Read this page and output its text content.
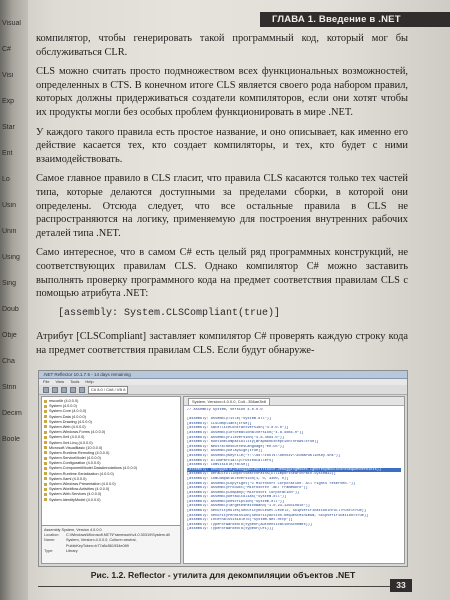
Visual
C#
Visi
Exp
Star
Ent
Lo
Usin
Unin
Using
Sing
Doub
Obje
Cha
Strin
Decim
Boole
ГЛАВА 1. Введение в .NET

компилятор, чтобы генерировать такой программный код, который мог бы обслуживаться CLR.

CLS можно считать просто подмножеством всех функциональных возможностей, определенных в CTS. В конечном итоге CLS является своего рода набором правил, которых должны придерживаться создатели компиляторов, если они хотят чтобы их продукты могли без особых проблем функционировать в мире .NET.

У каждого такого правила есть простое название, и оно описывает, как именно его действие касается тех, кто создает компиляторы, и тех, кто будет с ними взаимодействовать.

Самое главное правило в CLS гласит, что правила CLS касаются только тех частей типа, которые делаются доступными за пределами сборки, в которой они определены. Отсюда следует, что все остальные правила в CLS не распространяются на логику, применяемую для построения внутренних рабочих деталей типа .NET.

Само интересное, что в самом C# есть целый ряд программных конструкций, не соответствующих правилам CLS. Однако компилятор C# можно заставить выполнять проверку программного кода на предмет соответствия правилам CLS с помощью атрибута .NET:

[assembly: System.CLSCompliant(true)]

Атрибут [CLSCompliant] заставляет компилятор C# проверять каждую строку кода на предмет соответствия правилам CLS. Если будут обнаруже-

.NET Reflector 10.1.7.5 - 14 days remaining
File View Tools Help
C# 8.0 / C#8 / VB 8
mscorlib (4.0.0.0)
System (4.0.0.0)
System.Core (4.0.0.0)
System.Data (4.0.0.0)
System.Drawing (4.0.0.0)
System.Web (4.0.0.0)
System.Windows.Forms (4.0.0.0)
System.Xml (4.0.0.0)
System.Xml.Linq (4.0.0.0)
Microsoft.VisualBasic (10.0.0.0)
System.Runtime.Remoting (4.0.0.0)
System.ServiceModel (4.0.0.0)
System.Configuration (4.0.0.0)
System.ComponentModel.DataAnnotations (4.0.0.0)
System.Runtime.Serialization (4.0.0.0)
System.Xaml (4.0.0.0)
System.Windows.Presentation (4.0.0.0)
System.Workflow.Activities (4.0.0.0)
System.Web.Services (4.0.0.0)
System.IdentityModel (4.0.0.0)
Assembly System, Version 4.0.0.0
Location:	C:\Windows\Microsoft.NET\Framework\v4.0.30319\System.dll
Name:	System, Version=4.0.0.0, Culture=neutral,
PublicKeyToken=b77a5c561934e089
Type:	Library
System, Version=4.0.0.0, Cult...356ae3b8
// Assembly System, Version 4.0.0.0

[assembly: AssemblyTitle("System.dll")]
[assembly: CLSCompliant(true)]
[assembly: SatelliteContractVersion("4.0.0.0")]
[assembly: AssemblyInformationalVersion("4.8.4084.0")]
[assembly: AssemblyFileVersion("4.8.4084.0")]
[assembly: RuntimeCompatibility(WrapNonExceptionThrows=true)]
[assembly: NeutralResourcesLanguage("en-US")]
[assembly: AssemblyDelaySign(true)]
[assembly: AssemblyKeyFile("f:\\dd\\tools\\devdiv\\EcmaPublicKey.snk")]
[assembly: AllowPartiallyTrustedCallers]
[assembly: ComVisible(false)]
[assembly: Debuggable(DebuggableAttribute.DebuggingModes.IgnoreSymbolStoreSequencePoints)]
[assembly: DefaultDllImportSearchPaths(DllImportSearchPath.System32)]
[assembly: ComCompatibleVersion(1, 0, 3300, 0)]
[assembly: AssemblyCopyright("© Microsoft Corporation. All rights reserved.")]
[assembly: AssemblyProduct("Microsoft® .NET Framework")]
[assembly: AssemblyCompany("Microsoft Corporation")]
[assembly: AssemblyDefaultAlias("System.dll")]
[assembly: AssemblyDescription("System.dll")]
[assembly: AssemblyTargetedPatchBand("1.0.23-126510810")]
[assembly: SecurityRules(SecurityRuleSet.Level2, SkipVerificationInFullTrust=true)]
[assembly: SecurityPermission(SecurityAction.RequestMinimum, SkipVerification=true)]
[assembly: InternalsVisibleTo("System.Net.Http")]
[assembly: TypeForwardedTo(typeof(AuthenticationSchemes))]
[assembly: TypeForwardedTo(typeof(Uri))]
Рис. 1.2. Reflector - утилита для декомпиляции объектов .NET
33
